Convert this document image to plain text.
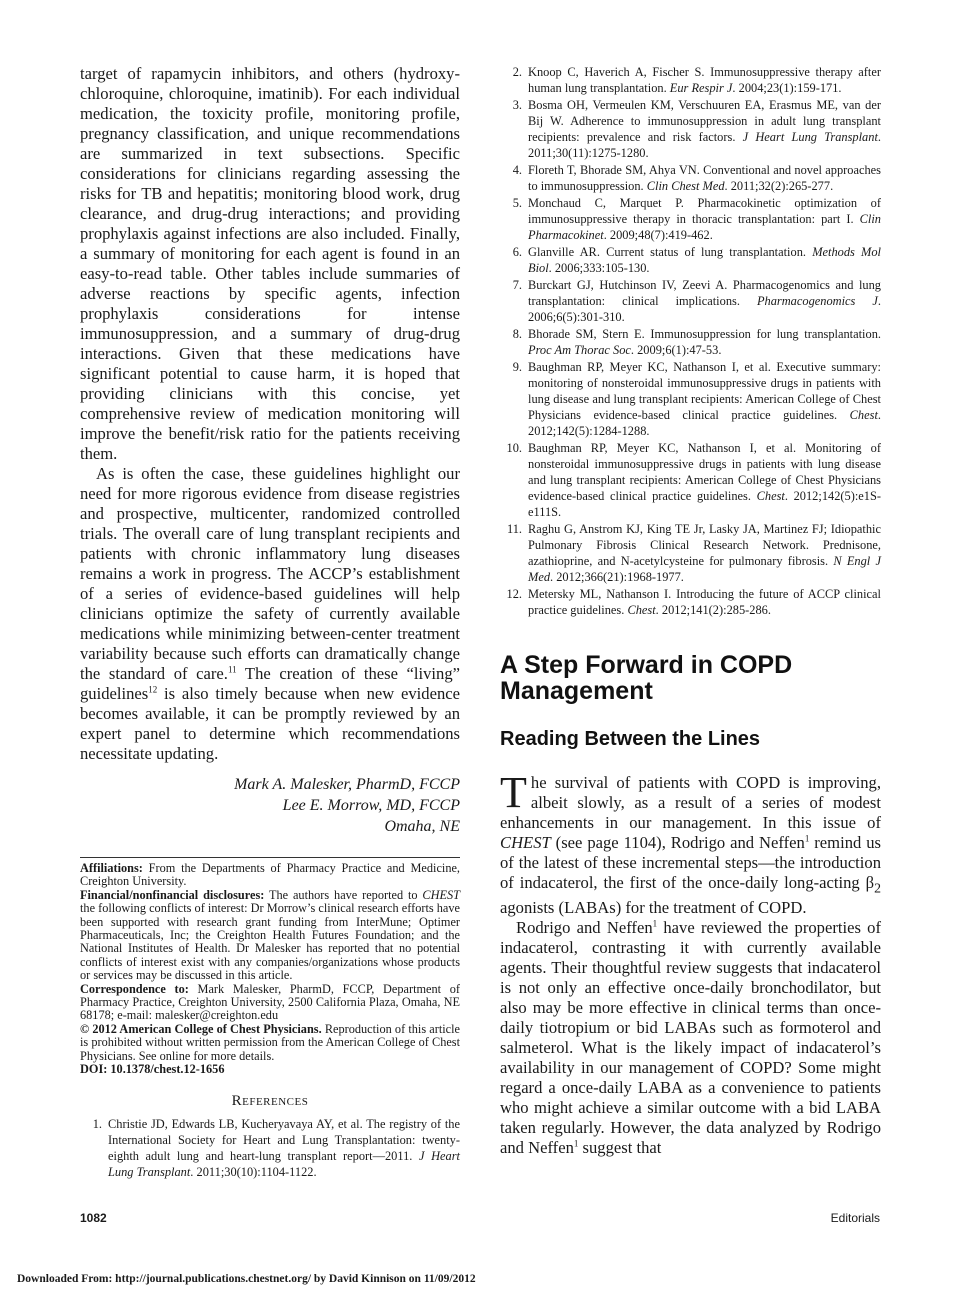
target of rapamycin inhibitors, and others (hydroxy-chloroquine, chloroquine, imatinib). For each individual medication, the toxicity profile, monitoring profile, pregnancy classification, and unique recommendations are summarized in text subsections. Specific considerations for clinicians regarding assessing the risks for TB and hepatitis; monitoring blood work, drug clearance, and drug-drug interactions; and providing prophylaxis against infections are also included. Finally, a summary of monitoring for each agent is found in an easy-to-read table. Other tables include summaries of adverse reactions by specific agents, infection prophylaxis considerations for intense immunosuppression, and a summary of drug-drug interactions. Given that these medications have significant potential to cause harm, it is hoped that providing clinicians with this concise, yet comprehensive review of medication monitoring will improve the benefit/risk ratio for the patients receiving them.

As is often the case, these guidelines highlight our need for more rigorous evidence from disease registries and prospective, multicenter, randomized controlled trials. The overall care of lung transplant recipients and patients with chronic inflammatory lung diseases remains a work in progress. The ACCP’s establishment of a series of evidence-based guidelines will help clinicians optimize the safety of currently available medications while minimizing between-center treatment variability because such efforts can dramatically change the standard of care.$^{11}$ The creation of these “living” guidelines$^{12}$ is also timely because when new evidence becomes available, it can be promptly reviewed by an expert panel to determine which recommendations necessitate updating.

Mark A. Malesker, PharmD, FCCP
Lee E. Morrow, MD, FCCP
Omaha, NE

Affiliations: From the Departments of Pharmacy Practice and Medicine, Creighton University.

Financial/nonfinancial disclosures: The authors have reported to CHEST the following conflicts of interest: Dr Morrow’s clinical research efforts have been supported with research grant funding from InterMune; Optimer Pharmaceuticals, Inc; the Creighton Health Futures Foundation; and the National Institutes of Health. Dr Malesker has reported that no potential conflicts of interest exist with any companies/organizations whose products or services may be discussed in this article.

Correspondence to: Mark Malesker, PharmD, FCCP, Department of Pharmacy Practice, Creighton University, 2500 California Plaza, Omaha, NE 68178; e-mail: malesker@creighton.edu

© 2012 American College of Chest Physicians. Reproduction of this article is prohibited without written permission from the American College of Chest Physicians. See online for more details.

DOI: 10.1378/chest.12-1656

References
1. Christie JD, Edwards LB, Kucheryavaya AY, et al. The registry of the International Society for Heart and Lung Transplantation: twenty-eighth adult lung and heart-lung transplant report—2011. J Heart Lung Transplant. 2011;30(10):1104-1122.
2. Knoop C, Haverich A, Fischer S. Immunosuppressive therapy after human lung transplantation. Eur Respir J. 2004;23(1):159-171.
3. Bosma OH, Vermeulen KM, Verschuuren EA, Erasmus ME, van der Bij W. Adherence to immunosuppression in adult lung transplant recipients: prevalence and risk factors. J Heart Lung Transplant. 2011;30(11):1275-1280.
4. Floreth T, Bhorade SM, Ahya VN. Conventional and novel approaches to immunosuppression. Clin Chest Med. 2011;32(2):265-277.
5. Monchaud C, Marquet P. Pharmacokinetic optimization of immunosuppressive therapy in thoracic transplantation: part I. Clin Pharmacokinet. 2009;48(7):419-462.
6. Glanville AR. Current status of lung transplantation. Methods Mol Biol. 2006;333:105-130.
7. Burckart GJ, Hutchinson IV, Zeevi A. Pharmacogenomics and lung transplantation: clinical implications. Pharmacogenomics J. 2006;6(5):301-310.
8. Bhorade SM, Stern E. Immunosuppression for lung transplantation. Proc Am Thorac Soc. 2009;6(1):47-53.
9. Baughman RP, Meyer KC, Nathanson I, et al. Executive summary: monitoring of nonsteroidal immunosuppressive drugs in patients with lung disease and lung transplant recipients: American College of Chest Physicians evidence-based clinical practice guidelines. Chest. 2012;142(5):1284-1288.
10. Baughman RP, Meyer KC, Nathanson I, et al. Monitoring of nonsteroidal immunosuppressive drugs in patients with lung disease and lung transplant recipients: American College of Chest Physicians evidence-based clinical practice guidelines. Chest. 2012;142(5):e1S-e111S.
11. Raghu G, Anstrom KJ, King TE Jr, Lasky JA, Martinez FJ; Idiopathic Pulmonary Fibrosis Clinical Research Network. Prednisone, azathioprine, and N-acetylcysteine for pulmonary fibrosis. N Engl J Med. 2012;366(21):1968-1977.
12. Metersky ML, Nathanson I. Introducing the future of ACCP clinical practice guidelines. Chest. 2012;141(2):285-286.
A Step Forward in COPD Management
Reading Between the Lines

The survival of patients with COPD is improving, albeit slowly, as a result of a series of modest enhancements in our management. In this issue of CHEST (see page 1104), Rodrigo and Neffen$^1$ remind us of the latest of these incremental steps—the introduction of indacaterol, the first of the once-daily long-acting $\beta_2$ agonists (LABAs) for the treatment of COPD.

Rodrigo and Neffen$^1$ have reviewed the properties of indacaterol, contrasting it with currently available agents. Their thoughtful review suggests that indacaterol is not only an effective once-daily bronchodilator, but also may be more effective in clinical terms than once-daily tiotropium or bid LABAs such as formoterol and salmeterol. What is the likely impact of indacaterol’s availability in our management of COPD? Some might regard a once-daily LABA as a convenience to patients who might achieve a similar outcome with a bid LABA taken regularly. However, the data analyzed by Rodrigo and Neffen$^1$ suggest that

1082	Editorials
Downloaded From: http://journal.publications.chestnet.org/ by David Kinnison on 11/09/2012
